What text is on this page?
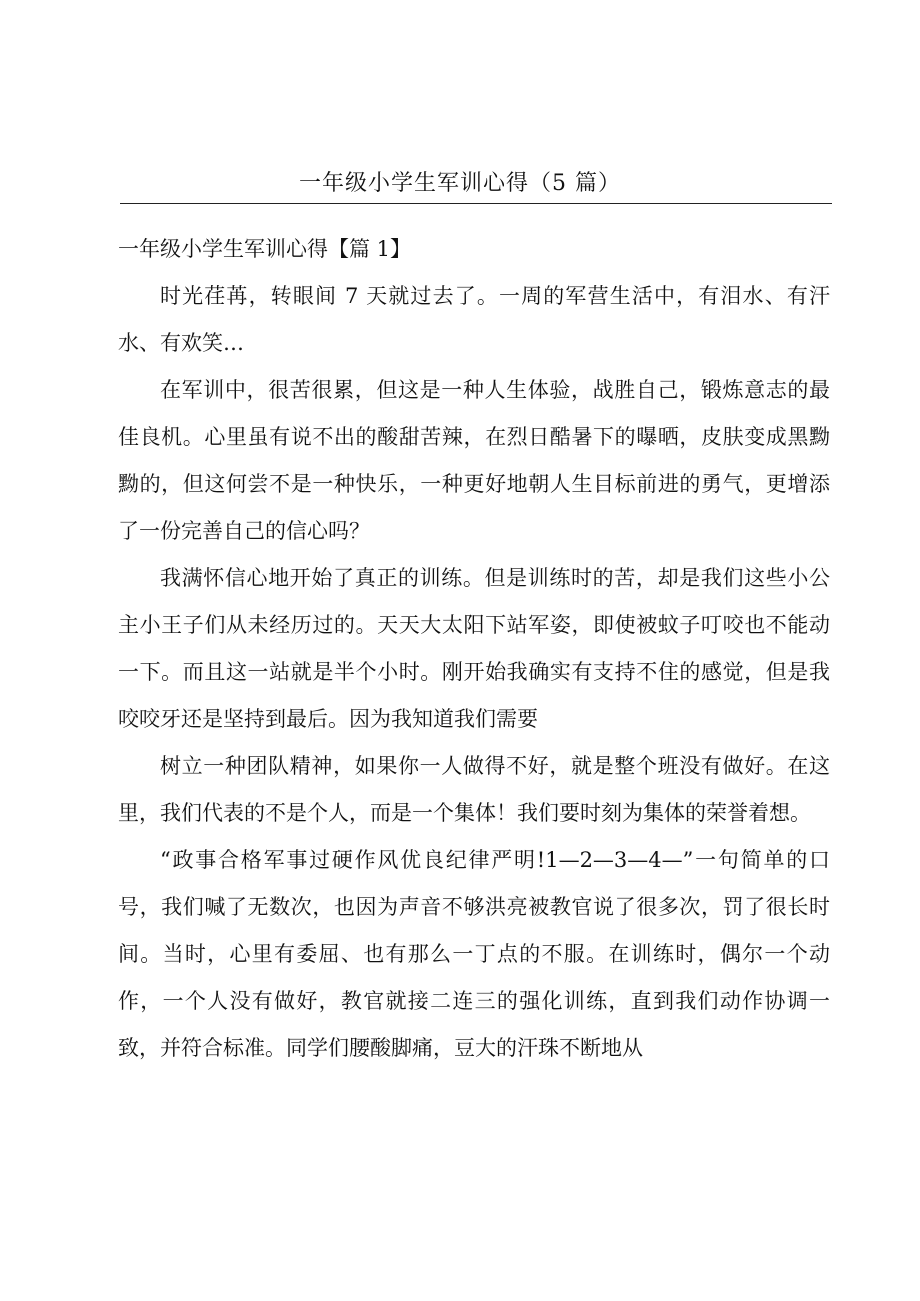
一年级小学生军训心得（5 篇）

一年级小学生军训心得【篇 1】

时光荏苒，转眼间 7 天就过去了。一周的军营生活中，有泪水、有汗水、有欢笑…

在军训中，很苦很累，但这是一种人生体验，战胜自己，锻炼意志的最佳良机。心里虽有说不出的酸甜苦辣，在烈日酷暑下的曝晒，皮肤变成黑黝黝的，但这何尝不是一种快乐，一种更好地朝人生目标前进的勇气，更增添了一份完善自己的信心吗？

我满怀信心地开始了真正的训练。但是训练时的苦，却是我们这些小公主小王子们从未经历过的。天天大太阳下站军姿，即使被蚊子叮咬也不能动一下。而且这一站就是半个小时。刚开始我确实有支持不住的感觉，但是我咬咬牙还是坚持到最后。因为我知道我们需要

树立一种团队精神，如果你一人做得不好，就是整个班没有做好。在这里，我们代表的不是个人，而是一个集体！我们要时刻为集体的荣誉着想。

“政事合格军事过硬作风优良纪律严明!1—2—3—4—”一句简单的口号，我们喊了无数次，也因为声音不够洪亮被教官说了很多次，罚了很长时间。当时，心里有委屈、也有那么一丁点的不服。在训练时，偶尔一个动作，一个人没有做好，教官就接二连三的强化训练，直到我们动作协调一致，并符合标准。同学们腰酸脚痛，豆大的汗珠不断地从
